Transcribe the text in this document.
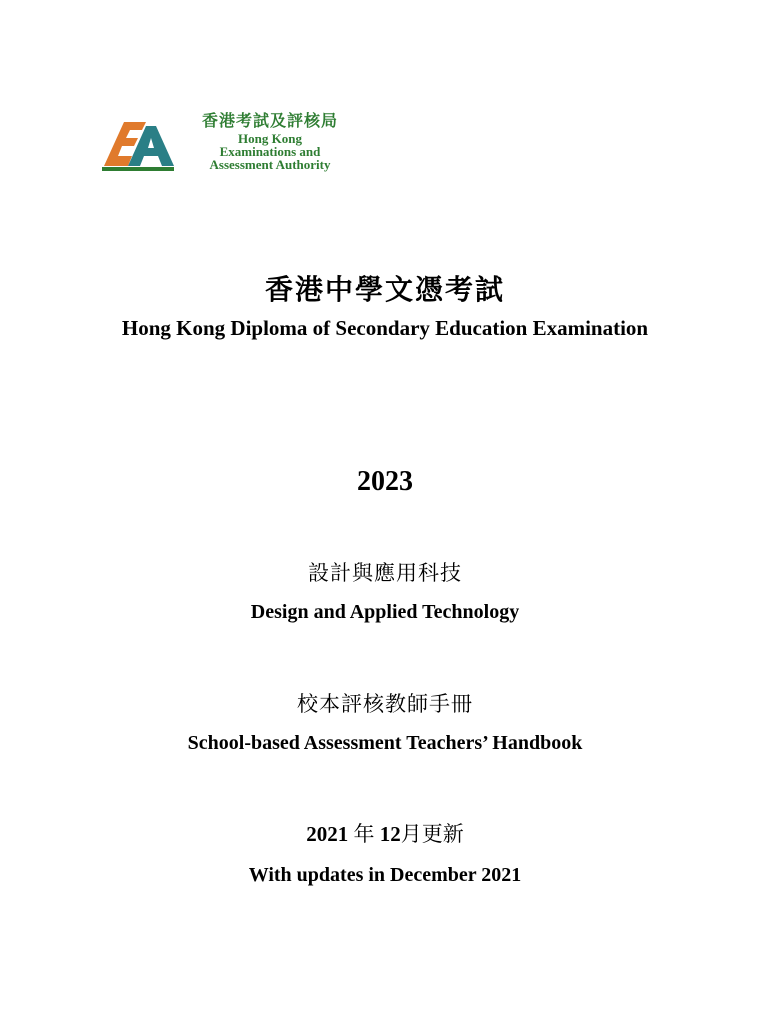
香港考試及評核局
Hong Kong
Examinations and
Assessment Authority
香港中學文憑考試
Hong Kong Diploma of Secondary Education Examination
2023
設計與應用科技
Design and Applied Technology
校本評核教師手冊
School-based Assessment Teachers’ Handbook
2021 年 12月更新
With updates in December 2021
